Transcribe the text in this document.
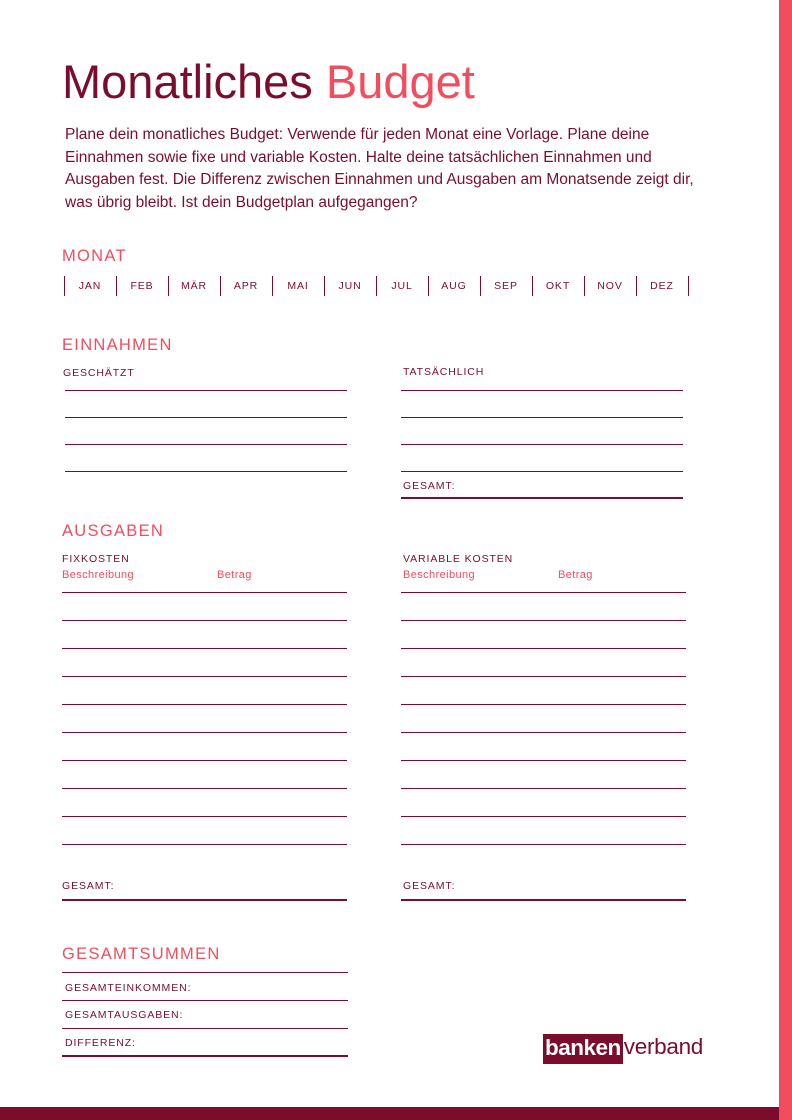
Monatliches Budget
Plane dein monatliches Budget: Verwende für jeden Monat eine Vorlage. Plane deine Einnahmen sowie fixe und variable Kosten. Halte deine tatsächlichen Einnahmen und Ausgaben fest. Die Differenz zwischen Einnahmen und Ausgaben am Monatsende zeigt dir, was übrig bleibt. Ist dein Budgetplan aufgegangen?
MONAT
JAN	FEB	MÄR	APR	MAI	JUN	JUL	AUG	SEP	OKT	NOV	DEZ
EINNAHMEN
GESCHÄTZT	TATSÄCHLICH
GESAMT:
AUSGABEN
FIXKOSTEN
Beschreibung	Betrag
VARIABLE KOSTEN
Beschreibung	Betrag
GESAMT:	GESAMT:
GESAMTSUMMEN
GESAMTEINKOMMEN:
GESAMTAUSGABEN:
DIFFERENZ:	banken verband
